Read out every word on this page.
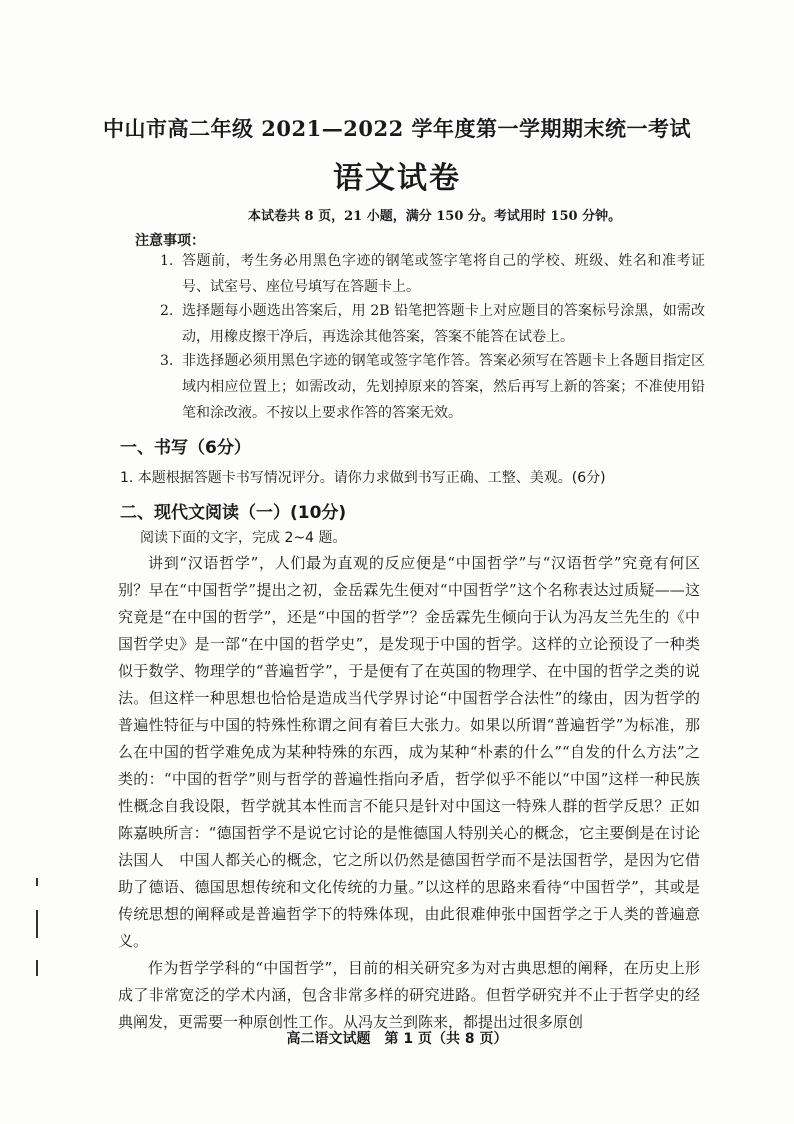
中山市高二年级 2021—2022 学年度第一学期期末统一考试
语文试卷
本试卷共 8 页，21 小题，满分 150 分。考试用时 150 分钟。
注意事项：
1. 答题前，考生务必用黑色字迹的钢笔或签字笔将自己的学校、班级、姓名和准考证号、试室号、座位号填写在答题卡上。
2. 选择题每小题选出答案后，用 2B 铅笔把答题卡上对应题目的答案标号涂黑，如需改动，用橡皮擦干净后，再选涂其他答案，答案不能答在试卷上。
3. 非选择题必须用黑色字迹的钢笔或签字笔作答。答案必须写在答题卡上各题目指定区域内相应位置上；如需改动，先划掉原来的答案，然后再写上新的答案；不准使用铅笔和涂改液。不按以上要求作答的答案无效。
一、书写（6分）
1. 本题根据答题卡书写情况评分。请你力求做到书写正确、工整、美观。(6分)
二、现代文阅读（一）(10分)
阅读下面的文字，完成 2~4 题。

讲到“汉语哲学”，人们最为直观的反应便是“中国哲学”与“汉语哲学”究竟有何区别？早在“中国哲学”提出之初，金岳霖先生便对“中国哲学”这个名称表达过质疑——这究竟是“在中国的哲学”，还是“中国的哲学”？金岳霖先生倾向于认为冯友兰先生的《中国哲学史》是一部“在中国的哲学史”，是发现于中国的哲学。这样的立论预设了一种类似于数学、物理学的“普遍哲学”，于是便有了在英国的物理学、在中国的哲学之类的说法。但这样一种思想也恰恰是造成当代学界讨论“中国哲学合法性”的缘由，因为哲学的普遍性特征与中国的特殊性称谓之间有着巨大张力。如果以所谓“普遍哲学”为标准，那么在中国的哲学难免成为某种特殊的东西，成为某种“朴素的什么”“自发的什么方法”之类的：“中国的哲学”则与哲学的普遍性指向矛盾，哲学似乎不能以“中国”这样一种民族性概念自我设限，哲学就其本性而言不能只是针对中国这一特殊人群的哲学反思？正如陈嘉映所言：“德国哲学不是说它讨论的是惟德国人特别关心的概念，它主要倒是在讨论法国人　中国人都关心的概念，它之所以仍然是德国哲学而不是法国哲学，是因为它借助了德语、德国思想传统和文化传统的力量。”以这样的思路来看待“中国哲学”，其或是传统思想的阐释或是普遍哲学下的特殊体现，由此很难伸张中国哲学之于人类的普遍意义。

作为哲学学科的“中国哲学”，目前的相关研究多为对古典思想的阐释，在历史上形成了非常宽泛的学术内涵，包含非常多样的研究进路。但哲学研究并不止于哲学史的经典阐发，更需要一种原创性工作。从冯友兰到陈来，都提出过很多原创

高二语文试题　第 1 页（共 8 页）
